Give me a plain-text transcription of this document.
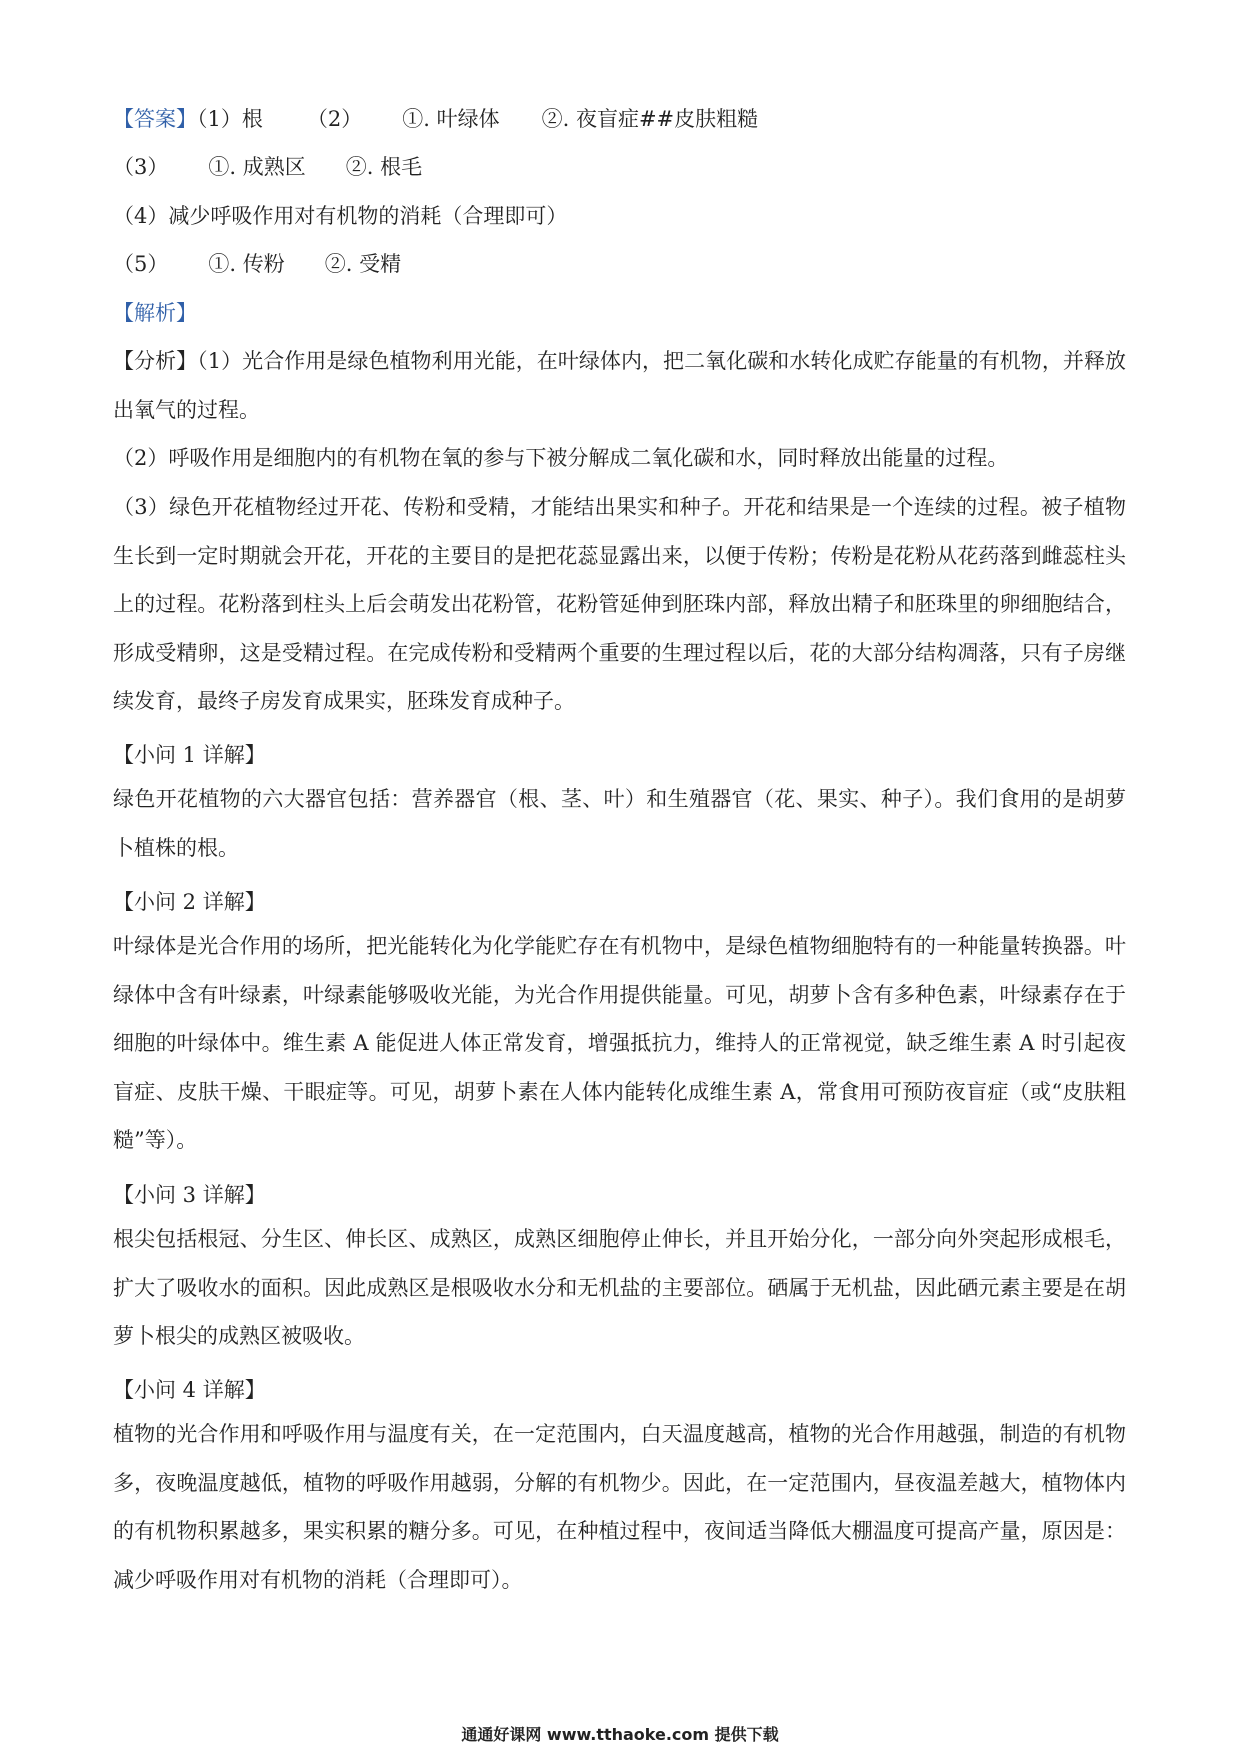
【答案】（1）根 （2） ①. 叶绿体 ②. 夜盲症##皮肤粗糙
（3） ①. 成熟区 ②. 根毛
（4）减少呼吸作用对有机物的消耗（合理即可）
（5） ①. 传粉 ②. 受精
【解析】
【分析】（1）光合作用是绿色植物利用光能，在叶绿体内，把二氧化碳和水转化成贮存能量的有机物，并释放出氧气的过程。
（2）呼吸作用是细胞内的有机物在氧的参与下被分解成二氧化碳和水，同时释放出能量的过程。
（3）绿色开花植物经过开花、传粉和受精，才能结出果实和种子。开花和结果是一个连续的过程。被子植物生长到一定时期就会开花，开花的主要目的是把花蕊显露出来，以便于传粉；传粉是花粉从花药落到雌蕊柱头上的过程。花粉落到柱头上后会萌发出花粉管，花粉管延伸到胚珠内部，释放出精子和胚珠里的卵细胞结合，形成受精卵，这是受精过程。在完成传粉和受精两个重要的生理过程以后，花的大部分结构凋落，只有子房继续发育，最终子房发育成果实，胚珠发育成种子。
【小问 1 详解】
绿色开花植物的六大器官包括：营养器官（根、茎、叶）和生殖器官（花、果实、种子）。我们食用的是胡萝卜植株的根。
【小问 2 详解】
叶绿体是光合作用的场所，把光能转化为化学能贮存在有机物中，是绿色植物细胞特有的一种能量转换器。叶绿体中含有叶绿素，叶绿素能够吸收光能，为光合作用提供能量。可见，胡萝卜含有多种色素，叶绿素存在于细胞的叶绿体中。维生素 A 能促进人体正常发育，增强抵抗力，维持人的正常视觉，缺乏维生素 A 时引起夜盲症、皮肤干燥、干眼症等。可见，胡萝卜素在人体内能转化成维生素 A，常食用可预防夜盲症（或“皮肤粗糙”等）。
【小问 3 详解】
根尖包括根冠、分生区、伸长区、成熟区，成熟区细胞停止伸长，并且开始分化，一部分向外突起形成根毛，扩大了吸收水的面积。因此成熟区是根吸收水分和无机盐的主要部位。硒属于无机盐，因此硒元素主要是在胡萝卜根尖的成熟区被吸收。
【小问 4 详解】
植物的光合作用和呼吸作用与温度有关，在一定范围内，白天温度越高，植物的光合作用越强，制造的有机物多，夜晚温度越低，植物的呼吸作用越弱，分解的有机物少。因此，在一定范围内，昼夜温差越大，植物体内的有机物积累越多，果实积累的糖分多。可见，在种植过程中，夜间适当降低大棚温度可提高产量，原因是：减少呼吸作用对有机物的消耗（合理即可）。
通通好课网 www.tthaoke.com 提供下载
